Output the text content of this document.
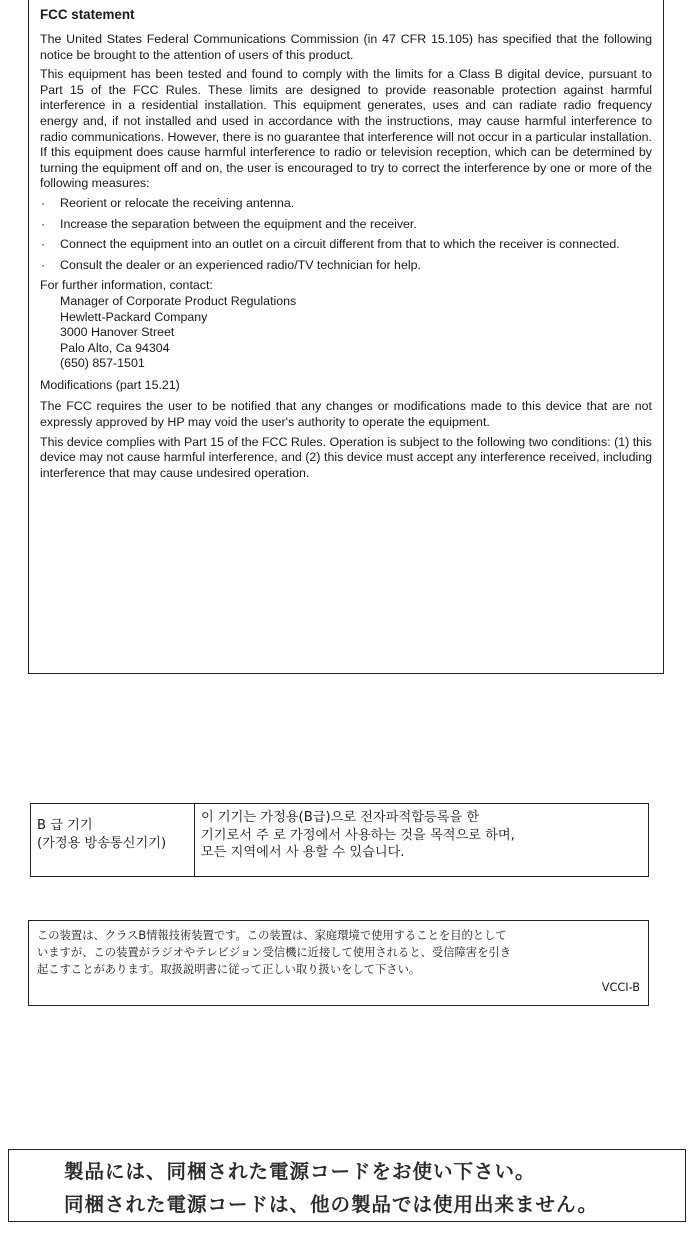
FCC statement

The United States Federal Communications Commission (in 47 CFR 15.105) has specified that the following notice be brought to the attention of users of this product.

This equipment has been tested and found to comply with the limits for a Class B digital device, pursuant to Part 15 of the FCC Rules. These limits are designed to provide reasonable protection against harmful interference in a residential installation. This equipment generates, uses and can radiate radio frequency energy and, if not installed and used in accordance with the instructions, may cause harmful interference to radio communications. However, there is no guarantee that interference will not occur in a particular installation. If this equipment does cause harmful interference to radio or television reception, which can be determined by turning the equipment off and on, the user is encouraged to try to correct the interference by one or more of the following measures:

· Reorient or relocate the receiving antenna.
· Increase the separation between the equipment and the receiver.
· Connect the equipment into an outlet on a circuit different from that to which the receiver is connected.
· Consult the dealer or an experienced radio/TV technician for help.

For further information, contact:

Manager of Corporate Product Regulations
Hewlett-Packard Company
3000 Hanover Street
Palo Alto, Ca 94304
(650) 857-1501

Modifications (part 15.21)

The FCC requires the user to be notified that any changes or modifications made to this device that are not expressly approved by HP may void the user's authority to operate the equipment.

This device complies with Part 15 of the FCC Rules. Operation is subject to the following two conditions: (1) this device may not cause harmful interference, and (2) this device must accept any interference received, including interference that may cause undesired operation.

B 급 기기
(가정용 방송통신기기)
이 기기는 가정용(B급)으로 전자파적합등록을 한
기기로서 주 로 가정에서 사용하는 것을 목적으로 하며,
모든 지역에서 사 용할 수 있습니다.
この装置は、クラスB情報技術装置です。この装置は、家庭環境で使用することを目的として
いますが、この装置がラジオやテレビジョン受信機に近接して使用されると、受信障害を引き
起こすことがあります。取扱説明書に従って正しい取り扱いをして下さい。
VCCI-B
製品には、同梱された電源コードをお使い下さい。
同梱された電源コードは、他の製品では使用出来ません。
